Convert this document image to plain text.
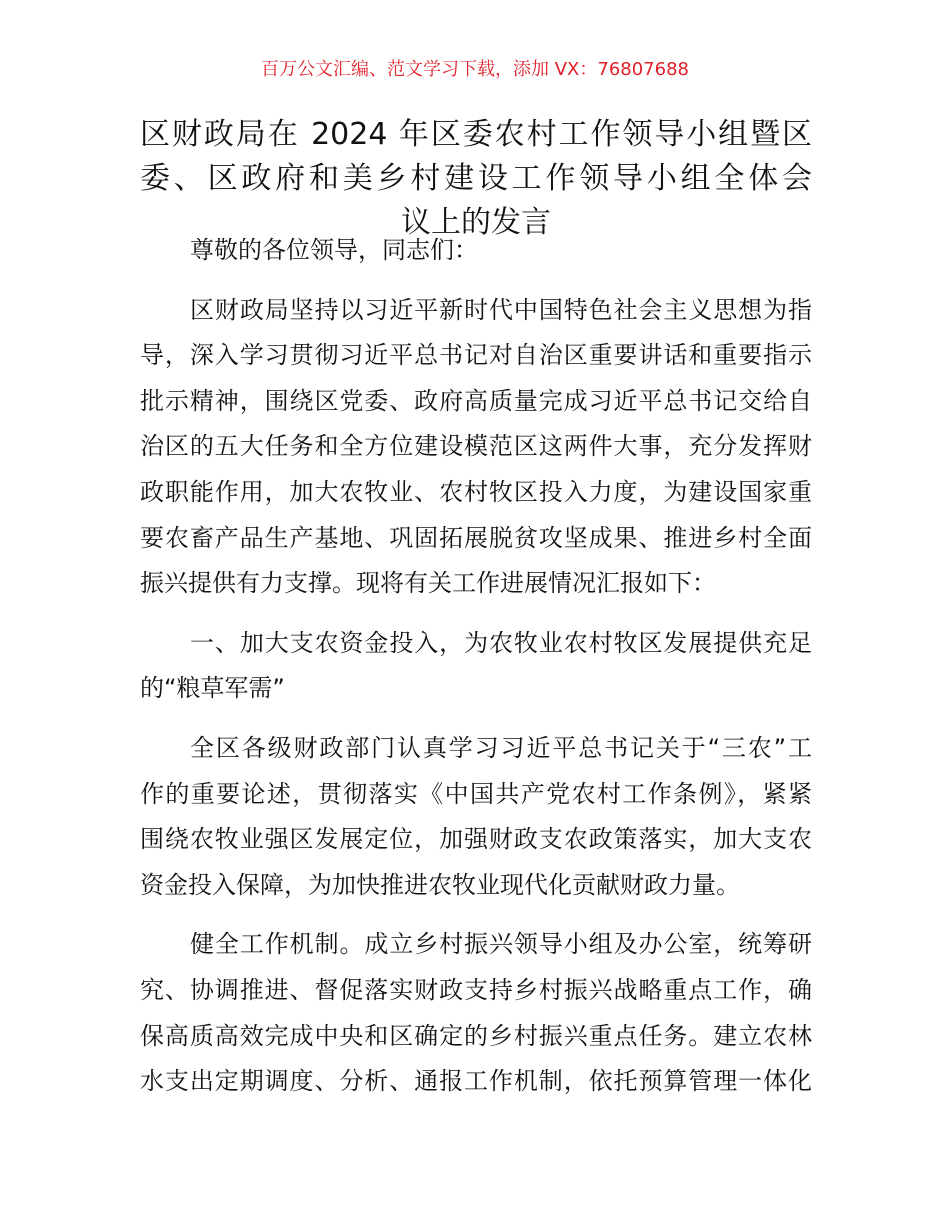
百万公文汇编、范文学习下载，添加 VX：76807688
区财政局在 2024 年区委农村工作领导小组暨区
委、区政府和美乡村建设工作领导小组全体会
议上的发言
尊敬的各位领导，同志们：
区财政局坚持以习近平新时代中国特色社会主义思想为指
导，深入学习贯彻习近平总书记对自治区重要讲话和重要指示
批示精神，围绕区党委、政府高质量完成习近平总书记交给自
治区的五大任务和全方位建设模范区这两件大事，充分发挥财
政职能作用，加大农牧业、农村牧区投入力度，为建设国家重
要农畜产品生产基地、巩固拓展脱贫攻坚成果、推进乡村全面
振兴提供有力支撑。现将有关工作进展情况汇报如下：
一、加大支农资金投入，为农牧业农村牧区发展提供充足
的“粮草军需”
全区各级财政部门认真学习习近平总书记关于“三农”工
作的重要论述，贯彻落实《中国共产党农村工作条例》，紧紧
围绕农牧业强区发展定位，加强财政支农政策落实，加大支农
资金投入保障，为加快推进农牧业现代化贡献财政力量。
健全工作机制。成立乡村振兴领导小组及办公室，统筹研
究、协调推进、督促落实财政支持乡村振兴战略重点工作，确
保高质高效完成中央和区确定的乡村振兴重点任务。建立农林
水支出定期调度、分析、通报工作机制，依托预算管理一体化
